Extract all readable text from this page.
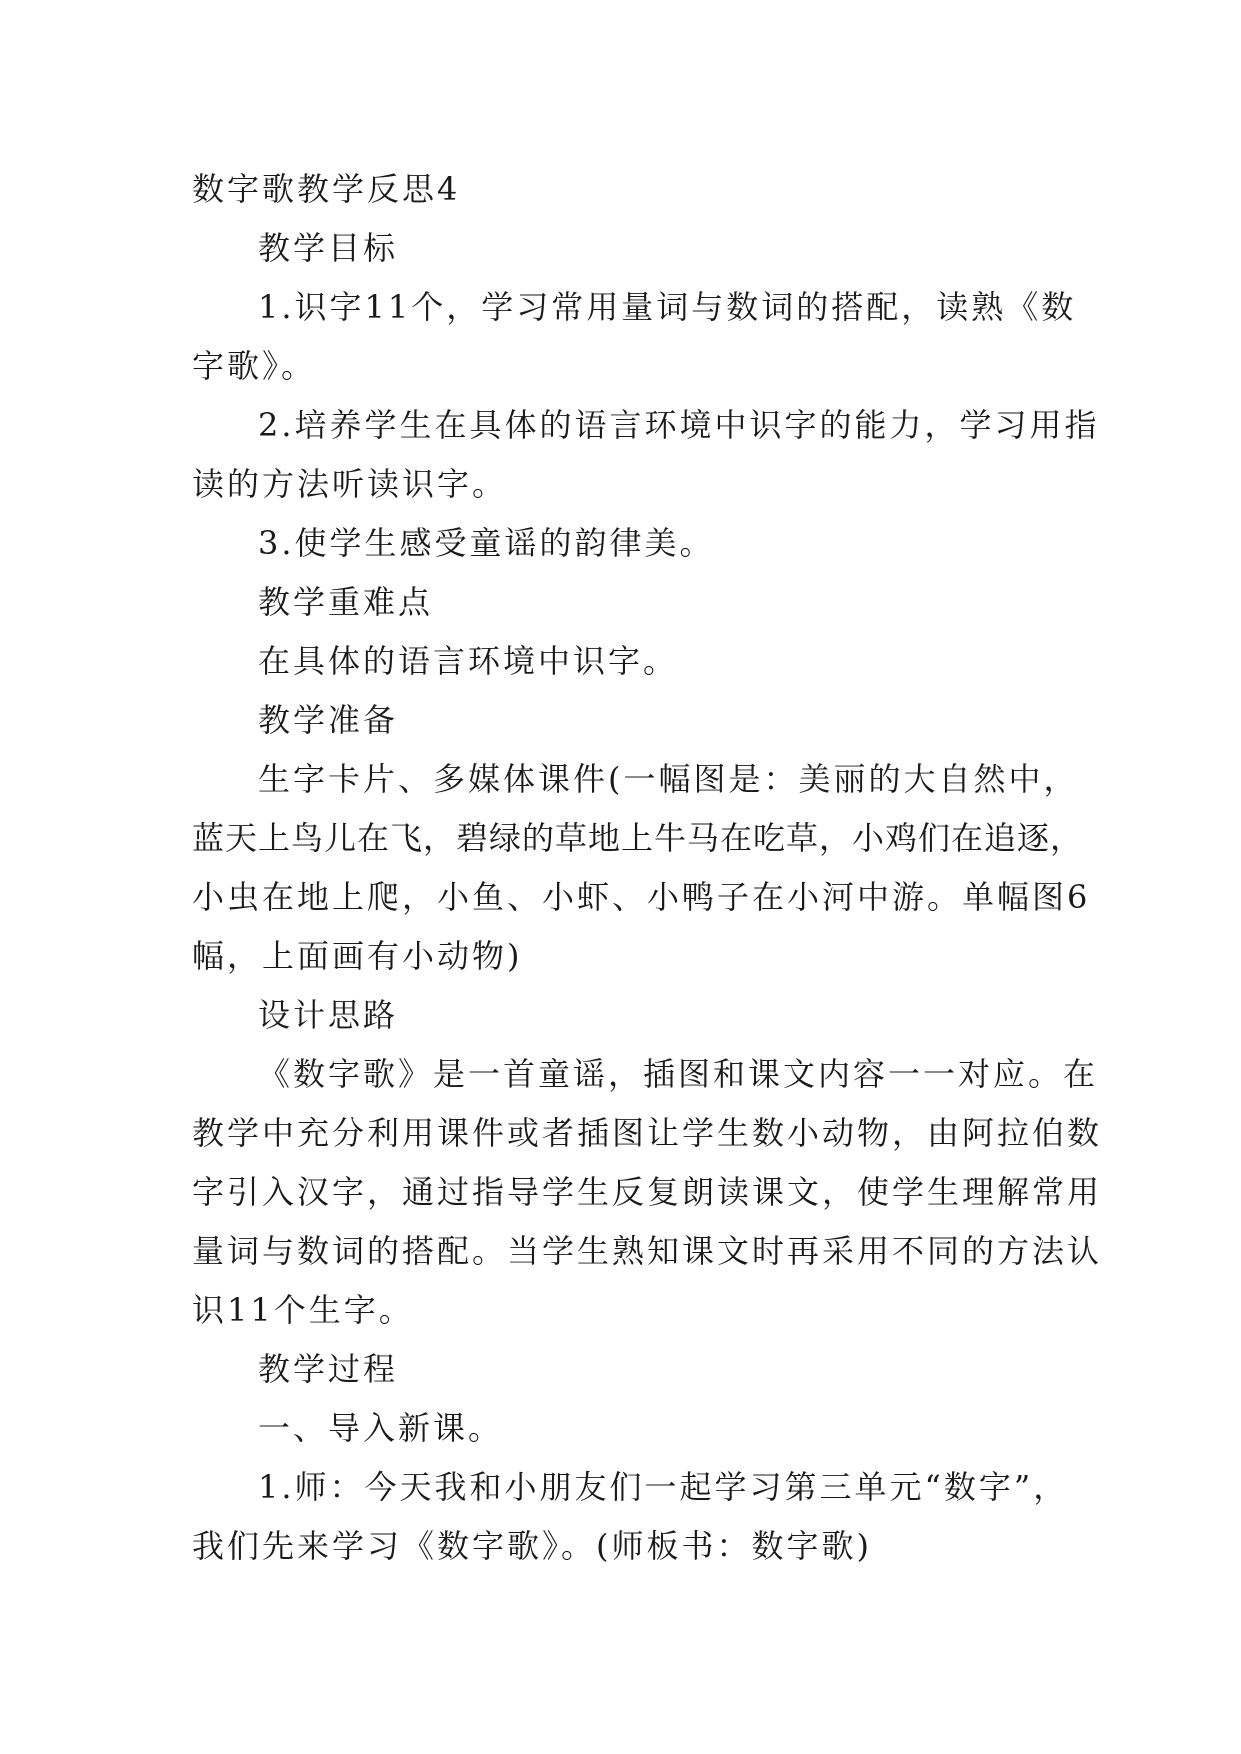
数字歌教学反思4
教学目标
1.识字11个，学习常用量词与数词的搭配，读熟《数
字歌》。
2.培养学生在具体的语言环境中识字的能力，学习用指
读的方法听读识字。
3.使学生感受童谣的韵律美。
教学重难点
在具体的语言环境中识字。
教学准备
生字卡片、多媒体课件(一幅图是：美丽的大自然中，
蓝天上鸟儿在飞，碧绿的草地上牛马在吃草，小鸡们在追逐，
小虫在地上爬，小鱼、小虾、小鸭子在小河中游。单幅图6
幅，上面画有小动物)
设计思路
《数字歌》是一首童谣，插图和课文内容一一对应。在
教学中充分利用课件或者插图让学生数小动物，由阿拉伯数
字引入汉字，通过指导学生反复朗读课文，使学生理解常用
量词与数词的搭配。当学生熟知课文时再采用不同的方法认
识11个生字。
教学过程
一、导入新课。
1.师：今天我和小朋友们一起学习第三单元“数字”，
我们先来学习《数字歌》。(师板书：数字歌)
